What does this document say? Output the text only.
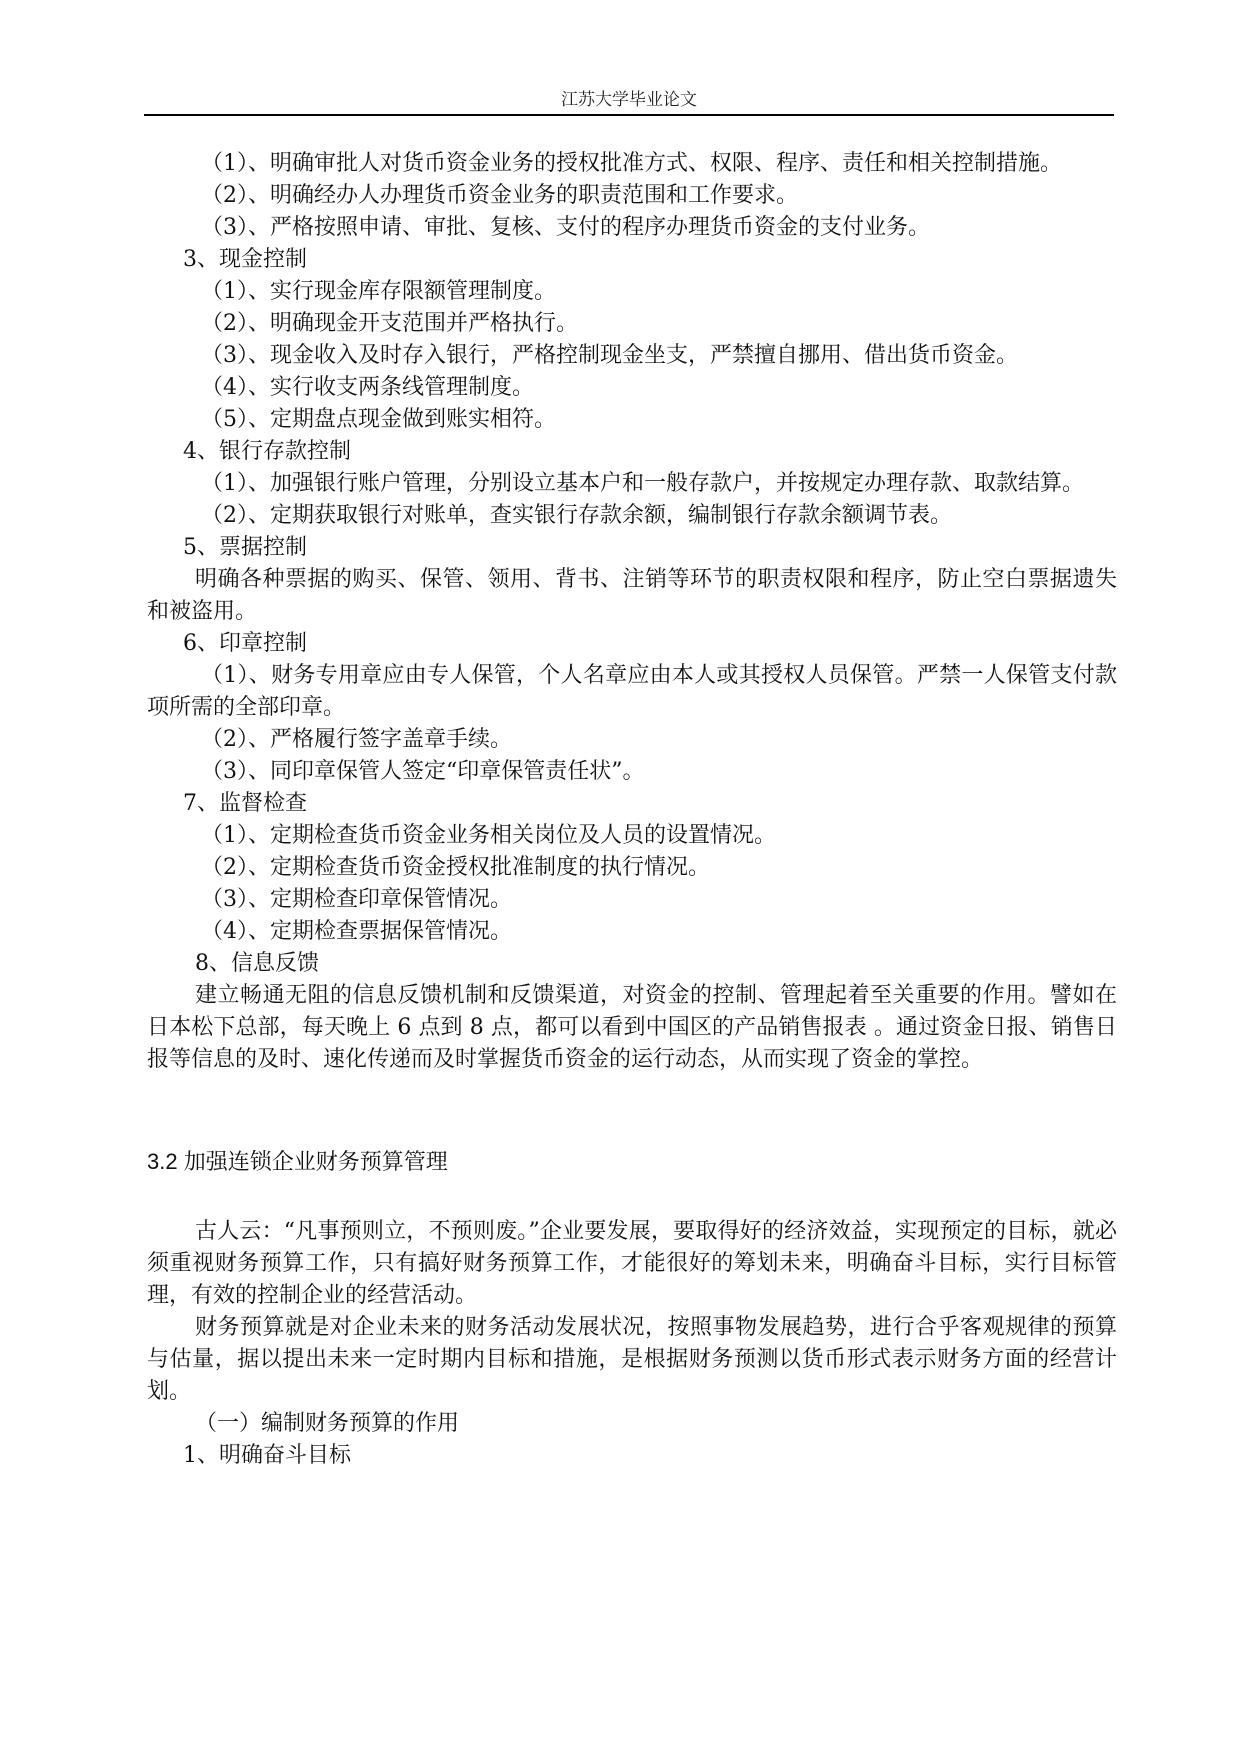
江苏大学毕业论文

（1）、明确审批人对货币资金业务的授权批准方式、权限、程序、责任和相关控制措施。

（2）、明确经办人办理货币资金业务的职责范围和工作要求。

（3）、严格按照申请、审批、复核、支付的程序办理货币资金的支付业务。

3、现金控制

（1）、实行现金库存限额管理制度。

（2）、明确现金开支范围并严格执行。

（3）、现金收入及时存入银行，严格控制现金坐支，严禁擅自挪用、借出货币资金。

（4）、实行收支两条线管理制度。

（5）、定期盘点现金做到账实相符。

4、银行存款控制

（1）、加强银行账户管理，分别设立基本户和一般存款户，并按规定办理存款、取款结算。

（2）、定期获取银行对账单，查实银行存款余额，编制银行存款余额调节表。

5、票据控制

明确各种票据的购买、保管、领用、背书、注销等环节的职责权限和程序，防止空白票据遗失和被盗用。

6、印章控制

（1）、财务专用章应由专人保管，个人名章应由本人或其授权人员保管。严禁一人保管支付款项所需的全部印章。

（2）、严格履行签字盖章手续。

（3）、同印章保管人签定“印章保管责任状”。

7、监督检查

（1）、定期检查货币资金业务相关岗位及人员的设置情况。

（2）、定期检查货币资金授权批准制度的执行情况。

（3）、定期检查印章保管情况。

（4）、定期检查票据保管情况。

8、信息反馈

建立畅通无阻的信息反馈机制和反馈渠道，对资金的控制、管理起着至关重要的作用。譬如在日本松下总部，每天晚上 6 点到 8 点，都可以看到中国区的产品销售报表 。通过资金日报、销售日报等信息的及时、速化传递而及时掌握货币资金的运行动态，从而实现了资金的掌控。

3.2 加强连锁企业财务预算管理

古人云：“凡事预则立，不预则废。”企业要发展，要取得好的经济效益，实现预定的目标，就必须重视财务预算工作，只有搞好财务预算工作，才能很好的筹划未来，明确奋斗目标，实行目标管理，有效的控制企业的经营活动。

财务预算就是对企业未来的财务活动发展状况，按照事物发展趋势，进行合乎客观规律的预算与估量，据以提出未来一定时期内目标和措施，是根据财务预测以货币形式表示财务方面的经营计划。

（一）编制财务预算的作用

1、明确奋斗目标
